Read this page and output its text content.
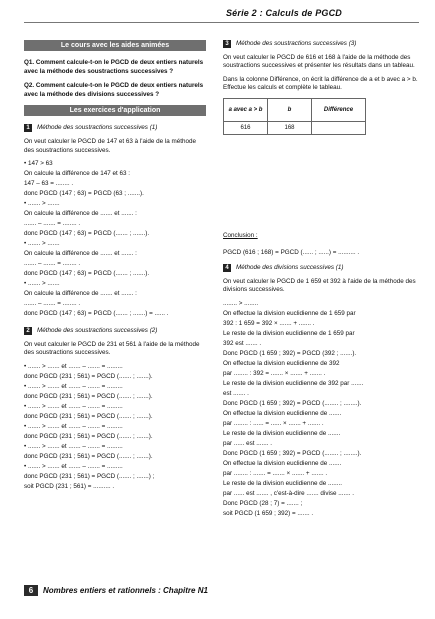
Série 2 : Calculs de PGCD
Le cours avec les aides animées
Q1. Comment calcule-t-on le PGCD de deux entiers naturels avec la méthode des soustractions successives ?
Q2. Comment calcule-t-on le PGCD de deux entiers naturels avec la méthode des divisions successives ?
Les exercices d'application
1	Méthode des soustractions successives (1)
On veut calculer le PGCD de 147 et 63 à l'aide de la méthode des soustractions successives.
• 147 > 63
On calcule la différence de 147 et 63 :
147 – 63 = ........ .
donc PGCD (147 ; 63) = PGCD (63 ; .......).
• ....... > .......
On calcule la différence de ....... et ....... :
....... – ....... = ........ .
donc PGCD (147 ; 63) = PGCD (....... ; .......).
• ....... > .......
On calcule la différence de ....... et ....... :
....... – ....... = ........ .
donc PGCD (147 ; 63) = PGCD (....... ; .......).
• ....... > .......
On calcule la différence de ....... et ....... :
....... – ....... = ........ .
donc PGCD (147 ; 63) = PGCD (....... ; .......) = ...... .
2	Méthode des soustractions successives (2)
On veut calculer le PGCD de 231 et 561 à l'aide de la méthode des soustractions successives.
• ....... > ....... et ....... – ....... = .........
donc PGCD (231 ; 561) = PGCD (....... ; .......).
• ....... > ....... et ....... – ....... = .........
donc PGCD (231 ; 561) = PGCD (....... ; .......).
• ....... > ....... et ....... – ....... = .........
donc PGCD (231 ; 561) = PGCD (....... ; .......).
• ....... > ....... et ....... – ....... = .........
donc PGCD (231 ; 561) = PGCD (....... ; .......).
• ....... > ....... et ....... – ....... = .........
donc PGCD (231 ; 561) = PGCD (....... ; .......).
• ....... > ....... et ....... – ....... = .........
donc PGCD (231 ; 561) = PGCD (....... ; .......) ;
soit PGCD (231 ; 561) = .......... .
3	Méthode des soustractions successives (3)
On veut calculer le PGCD de 616 et 168 à l'aide de la méthode des soustractions successives et présenter les résultats dans un tableau.
Dans la colonne Différence, on écrit la différence de a et b avec a > b.
Effectue les calculs et complète le tableau.
a avec a > b	b	Différence
616	168	
Conclusion :
PGCD (616 ; 168) = PGCD (...... ; ......) = .......... .
4	Méthode des divisions successives (1)
On veut calculer le PGCD de 1 659 et 392 à l'aide de la méthode des divisions successives.
........ > ........
On effectue la division euclidienne de 1 659 par
392 : 1 659 = 392 × ....... + ....... .
Le reste de la division euclidienne de 1 659 par
392 est ....... .
Donc PGCD (1 659 ; 392) = PGCD (392 ; .......).
On effectue la division euclidienne de 392
par ........ : 392 = ....... × ....... + ....... .
Le reste de la division euclidienne de 392 par .......
est ....... .
Donc PGCD (1 659 ; 392) = PGCD (........ ; ........).
On effectue la division euclidienne de .......
par ........ : ...... = ...... × ....... + ....... .
Le reste de la division euclidienne de .......
par ...... est ....... .
Donc PGCD (1 659 ; 392) = PGCD (........ ; ........).
On effectue la division euclidienne de .......
par ........ : ....... = ....... × ....... + ....... .
Le reste de la division euclidienne de ........
par ...... est ....... , c'est-à-dire ....... divise ....... .
Donc PGCD (28 ; 7) = ....... ;
soit PGCD (1 659 ; 392) = ....... .
6 Nombres entiers et rationnels : Chapitre N1
